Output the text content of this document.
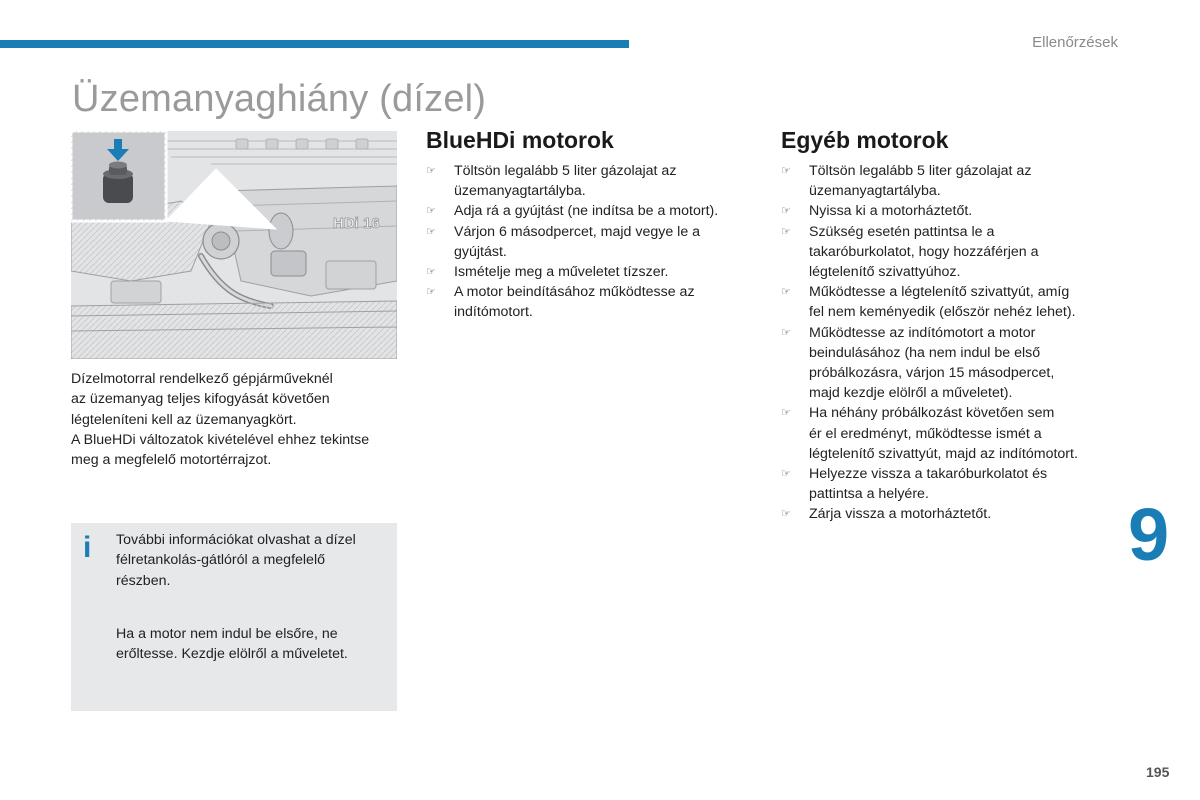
Ellenőrzések
Üzemanyaghiány (dízel)
HDi 16

Dízelmotorral rendelkező gépjárműveknél

az üzemanyag teljes kifogyását követően

légteleníteni kell az üzemanyagkört.

A BlueHDi változatok kivételével ehhez tekintse

meg a megfelelő motortérrajzot.

i További információkat olvashat a dízel
félretankolás-gátlóról a megfelelő
részben.
Ha a motor nem indul be elsőre, ne
erőltesse. Kezdje elölről a műveletet.
BlueHDi motorok
☞ Töltsön legalább 5 liter gázolajat az
üzemanyagtartályba.
☞ Adja rá a gyújtást (ne indítsa be a motort).
☞ Várjon 6 másodpercet, majd vegye le a
gyújtást.
☞ Ismételje meg a műveletet tízszer.
☞ A motor beindításához működtesse az
indítómotort.
Egyéb motorok
☞ Töltsön legalább 5 liter gázolajat az
üzemanyagtartályba.
☞ Nyissa ki a motorháztetőt.
☞ Szükség esetén pattintsa le a
takaróburkolatot, hogy hozzáférjen a
légtelenítő szivattyúhoz.
☞ Működtesse a légtelenítő szivattyút, amíg
fel nem keményedik (először nehéz lehet).
☞ Működtesse az indítómotort a motor
beindulásához (ha nem indul be első
próbálkozásra, várjon 15 másodpercet,
majd kezdje elölről a műveletet).
☞ Ha néhány próbálkozást követően sem
ér el eredményt, működtesse ismét a
légtelenítő szivattyút, majd az indítómotort.
☞ Helyezze vissza a takaróburkolatot és
pattintsa a helyére.
☞ Zárja vissza a motorháztetőt.	9
195
